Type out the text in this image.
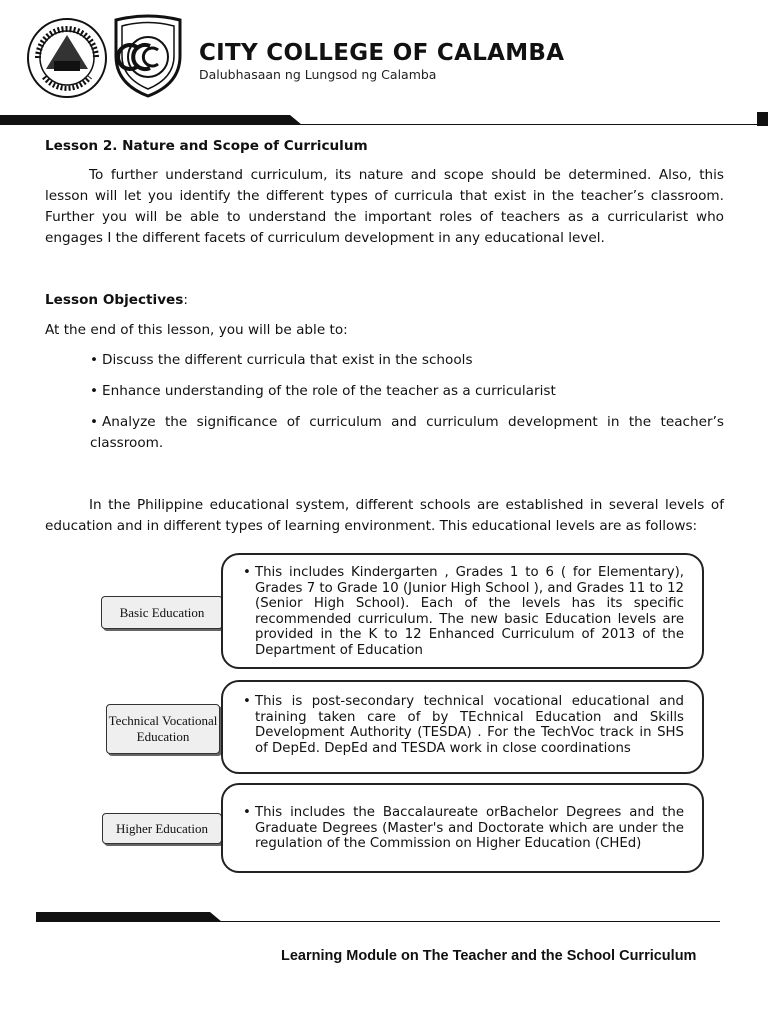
CITY COLLEGE OF CALAMBA
Dalubhasaan ng Lungsod ng Calamba
Lesson 2. Nature and Scope of Curriculum
To further understand curriculum, its nature and scope should be determined. Also, this lesson will let you identify the different types of curricula that exist in the teacher’s classroom. Further you will be able to understand the important roles of teachers as a curricularist who engages I the different facets of curriculum development in any educational level.
Lesson Objectives:
At the end of this lesson, you will be able to:
• Discuss the different curricula that exist in the schools
• Enhance understanding of the role of the teacher as a curricularist
• Analyze the significance of curriculum and curriculum development in the teacher’s classroom.
In the Philippine educational system, different schools are established in several levels of education and in different types of learning environment. This educational levels are as follows:
Basic Education
• This includes Kindergarten , Grades 1 to 6 ( for Elementary), Grades 7 to Grade 10 (Junior High School ), and Grades 11 to 12 (Senior High School). Each of the levels has its specific recommended curriculum. The new basic Education levels are provided in the K to 12 Enhanced Curriculum of 2013 of the Department of Education

Technical Vocational Education
• This is post-secondary technical vocational educational and training taken care of by TEchnical Education and Skills Development Authority (TESDA) . For the TechVoc track in SHS of DepEd. DepEd and TESDA work in close coordinations

Higher Education
• This includes the Baccalaureate orBachelor Degrees and the Graduate Degrees (Master's and Doctorate which are under the regulation of the Commission on Higher Education (CHEd)

Learning Module on The Teacher and the School Curriculum
